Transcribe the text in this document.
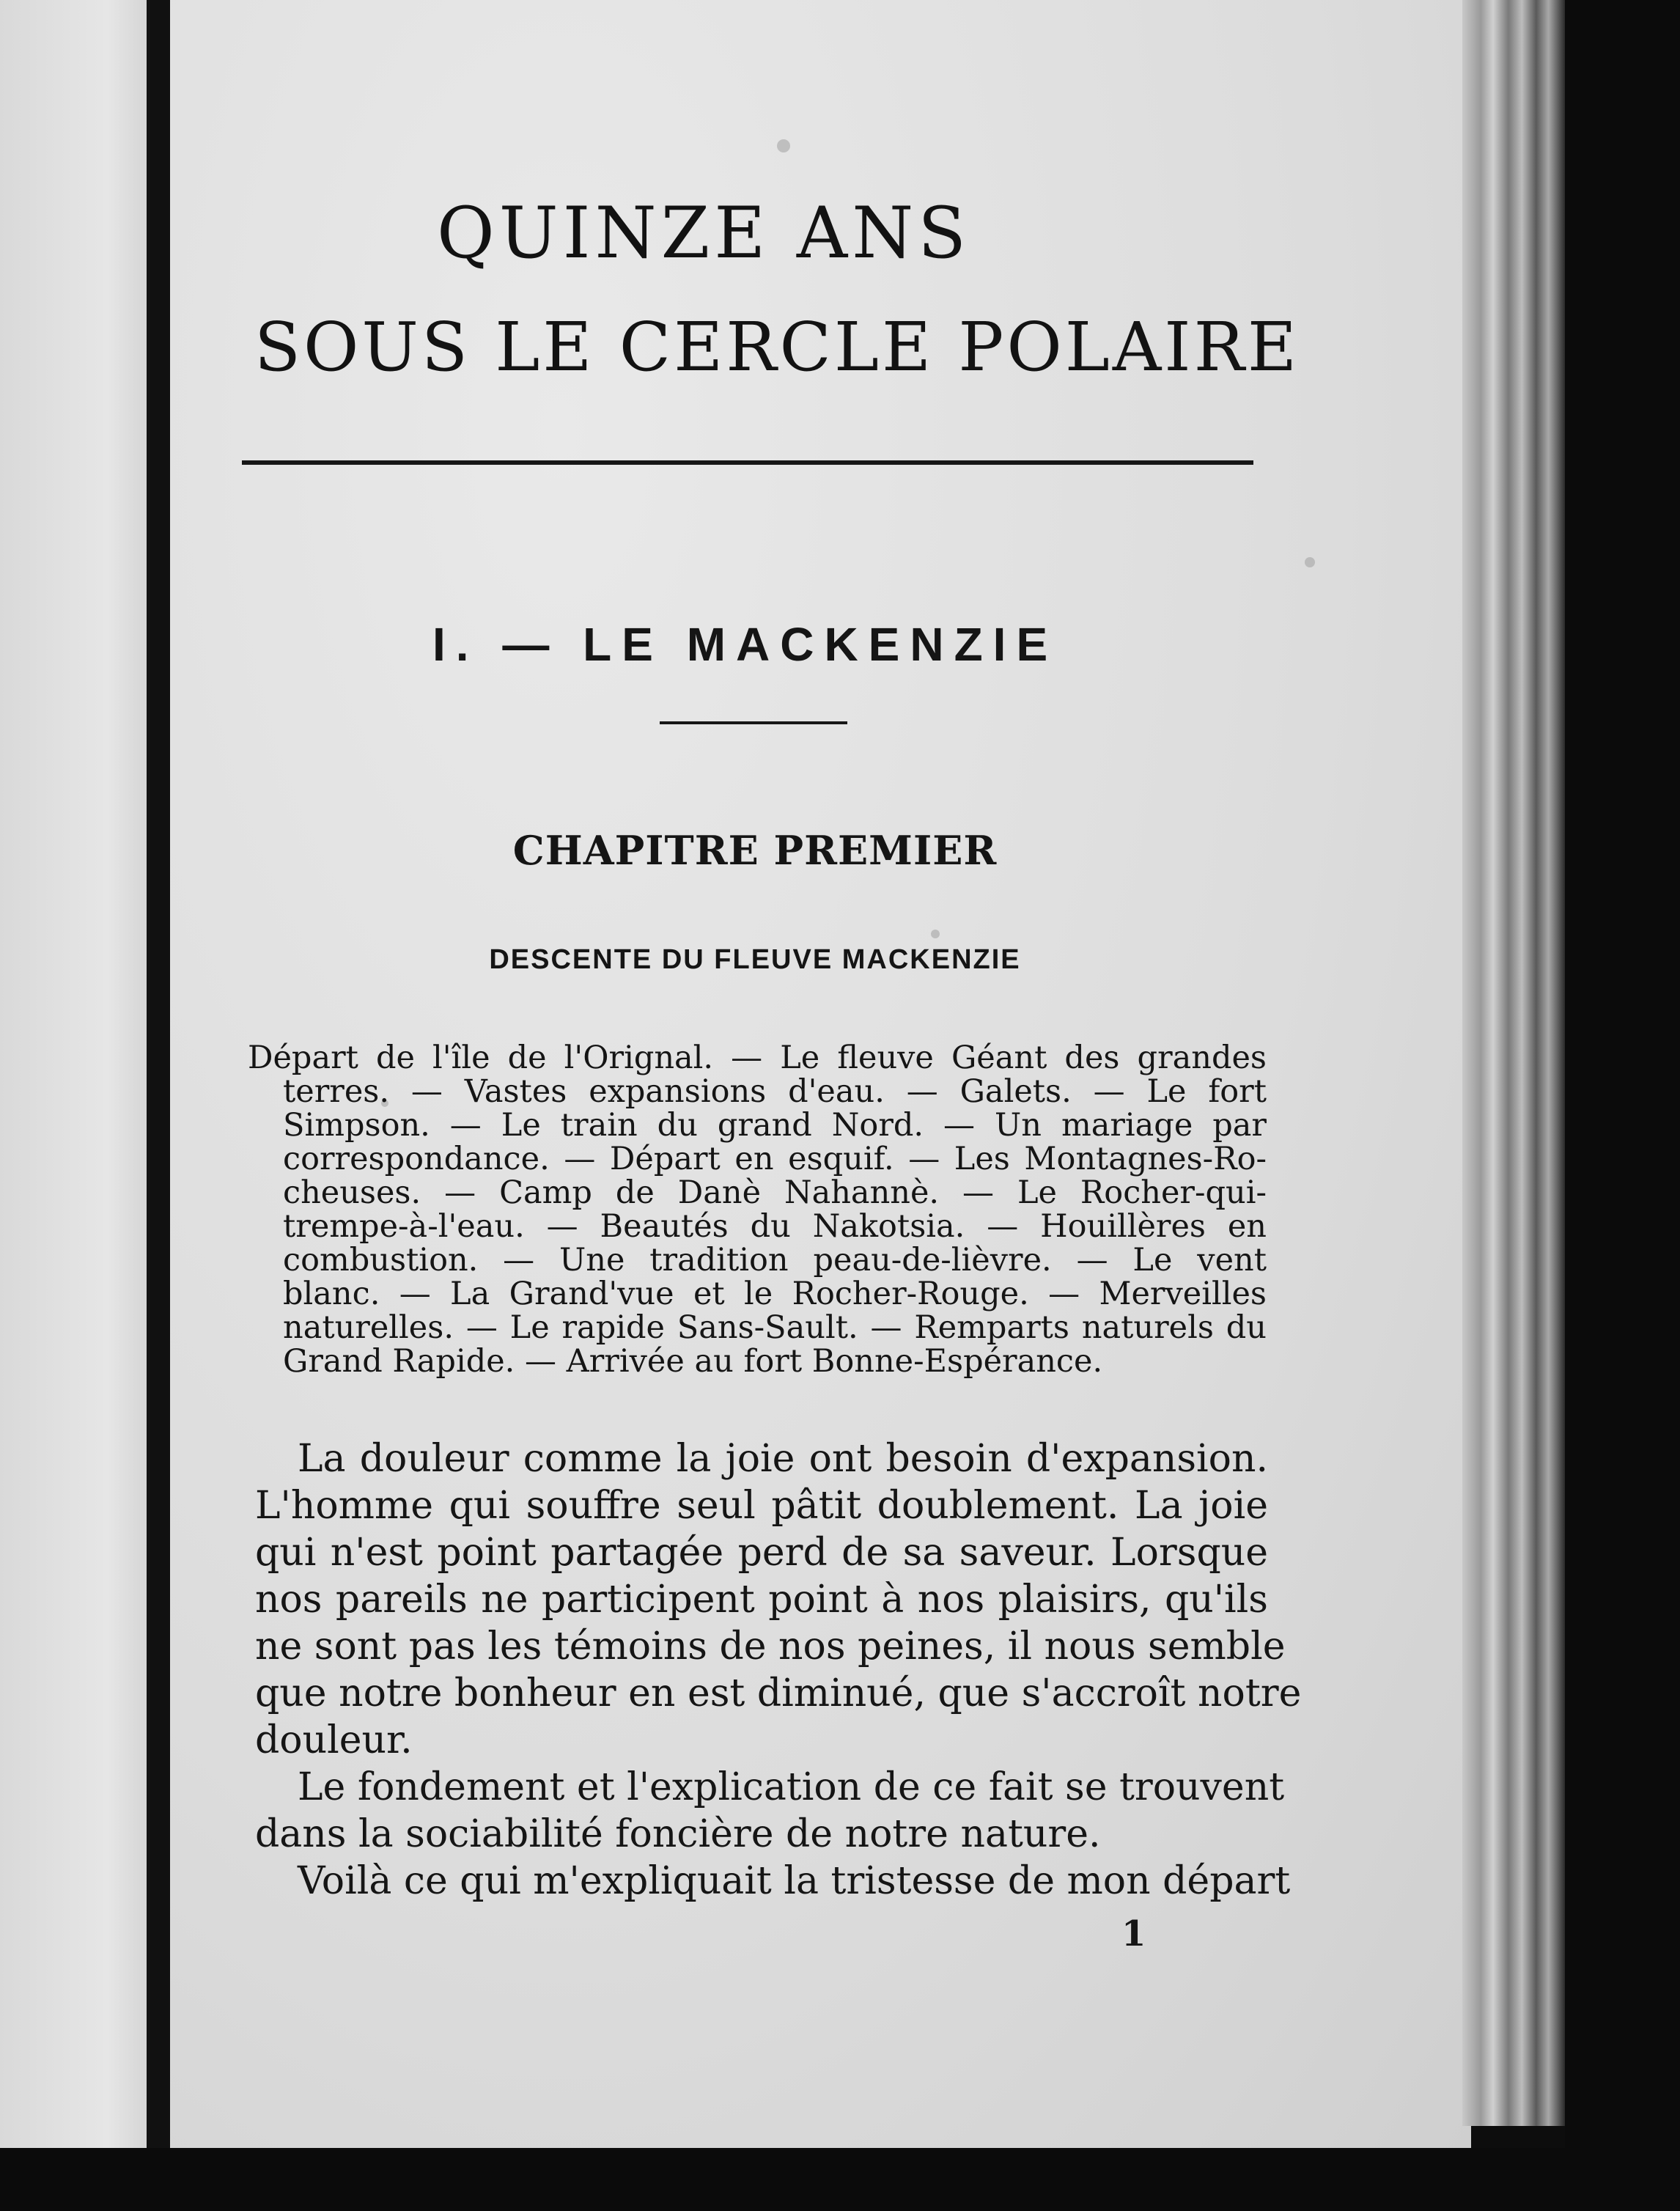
QUINZE ANS
SOUS LE CERCLE POLAIRE
I. — LE MACKENZIE
CHAPITRE PREMIER
DESCENTE DU FLEUVE MACKENZIE
Départ de l'île de l'Orignal. — Le fleuve Géant des grandes
terres. — Vastes expansions d'eau. — Galets. — Le fort
Simpson. — Le train du grand Nord. — Un mariage par
correspondance. — Départ en esquif. — Les Montagnes-Ro-
cheuses. — Camp de Danè Nahannè. — Le Rocher-qui-
trempe-à-l'eau. — Beautés du Nakotsia. — Houillères en
combustion. — Une tradition peau-de-lièvre. — Le vent
blanc. — La Grand'vue et le Rocher-Rouge. — Merveilles
naturelles. — Le rapide Sans-Sault. — Remparts naturels du
Grand Rapide. — Arrivée au fort Bonne-Espérance.
La douleur comme la joie ont besoin d'expansion.
L'homme qui souffre seul pâtit doublement. La joie
qui n'est point partagée perd de sa saveur. Lorsque
nos pareils ne participent point à nos plaisirs, qu'ils
ne sont pas les témoins de nos peines, il nous semble
que notre bonheur en est diminué, que s'accroît notre
douleur.
Le fondement et l'explication de ce fait se trouvent
dans la sociabilité foncière de notre nature.
Voilà ce qui m'expliquait la tristesse de mon départ

1
